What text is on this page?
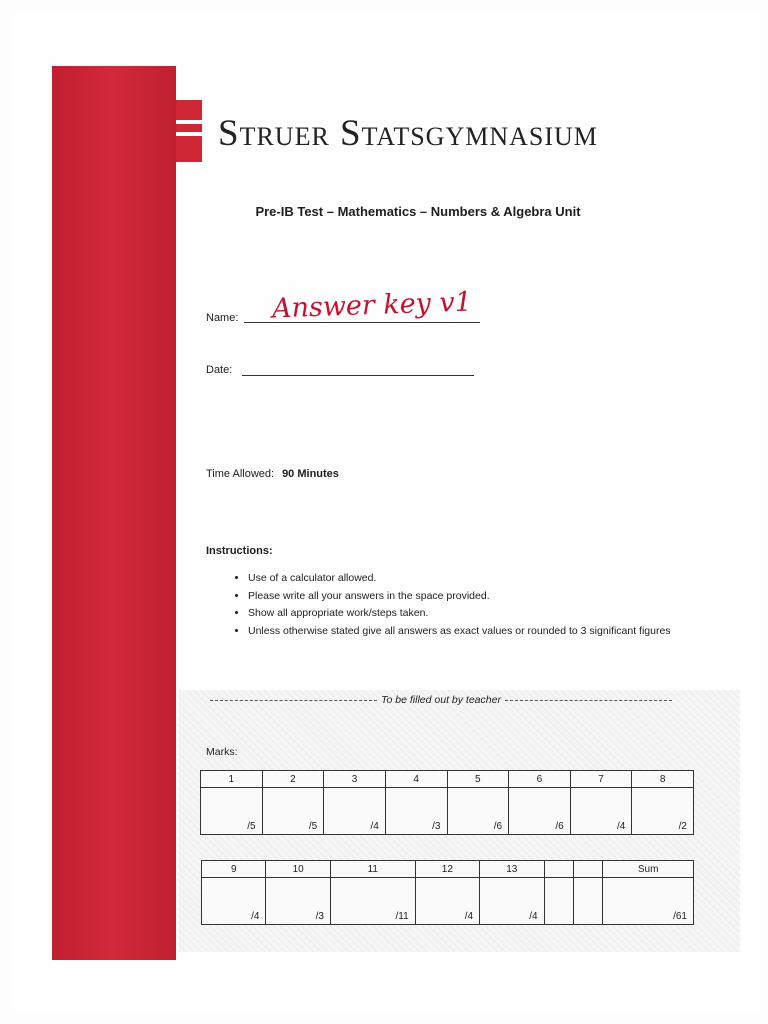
Struer Statsgymnasium
Pre-IB Test – Mathematics – Numbers & Algebra Unit
Name: Answer key v1
Date:
Time Allowed: 90 Minutes
Instructions:
• Use of a calculator allowed.
• Please write all your answers in the space provided.
• Show all appropriate work/steps taken.
• Unless otherwise stated give all answers as exact values or rounded to 3 significant figures
To be filled out by teacher
Marks:
1	2	3	4	5	6	7	8
/5	/5	/4	/3	/6	/6	/4	/2
9	10	11	12	13			Sum
/4	/3	/11	/4	/4			/61
